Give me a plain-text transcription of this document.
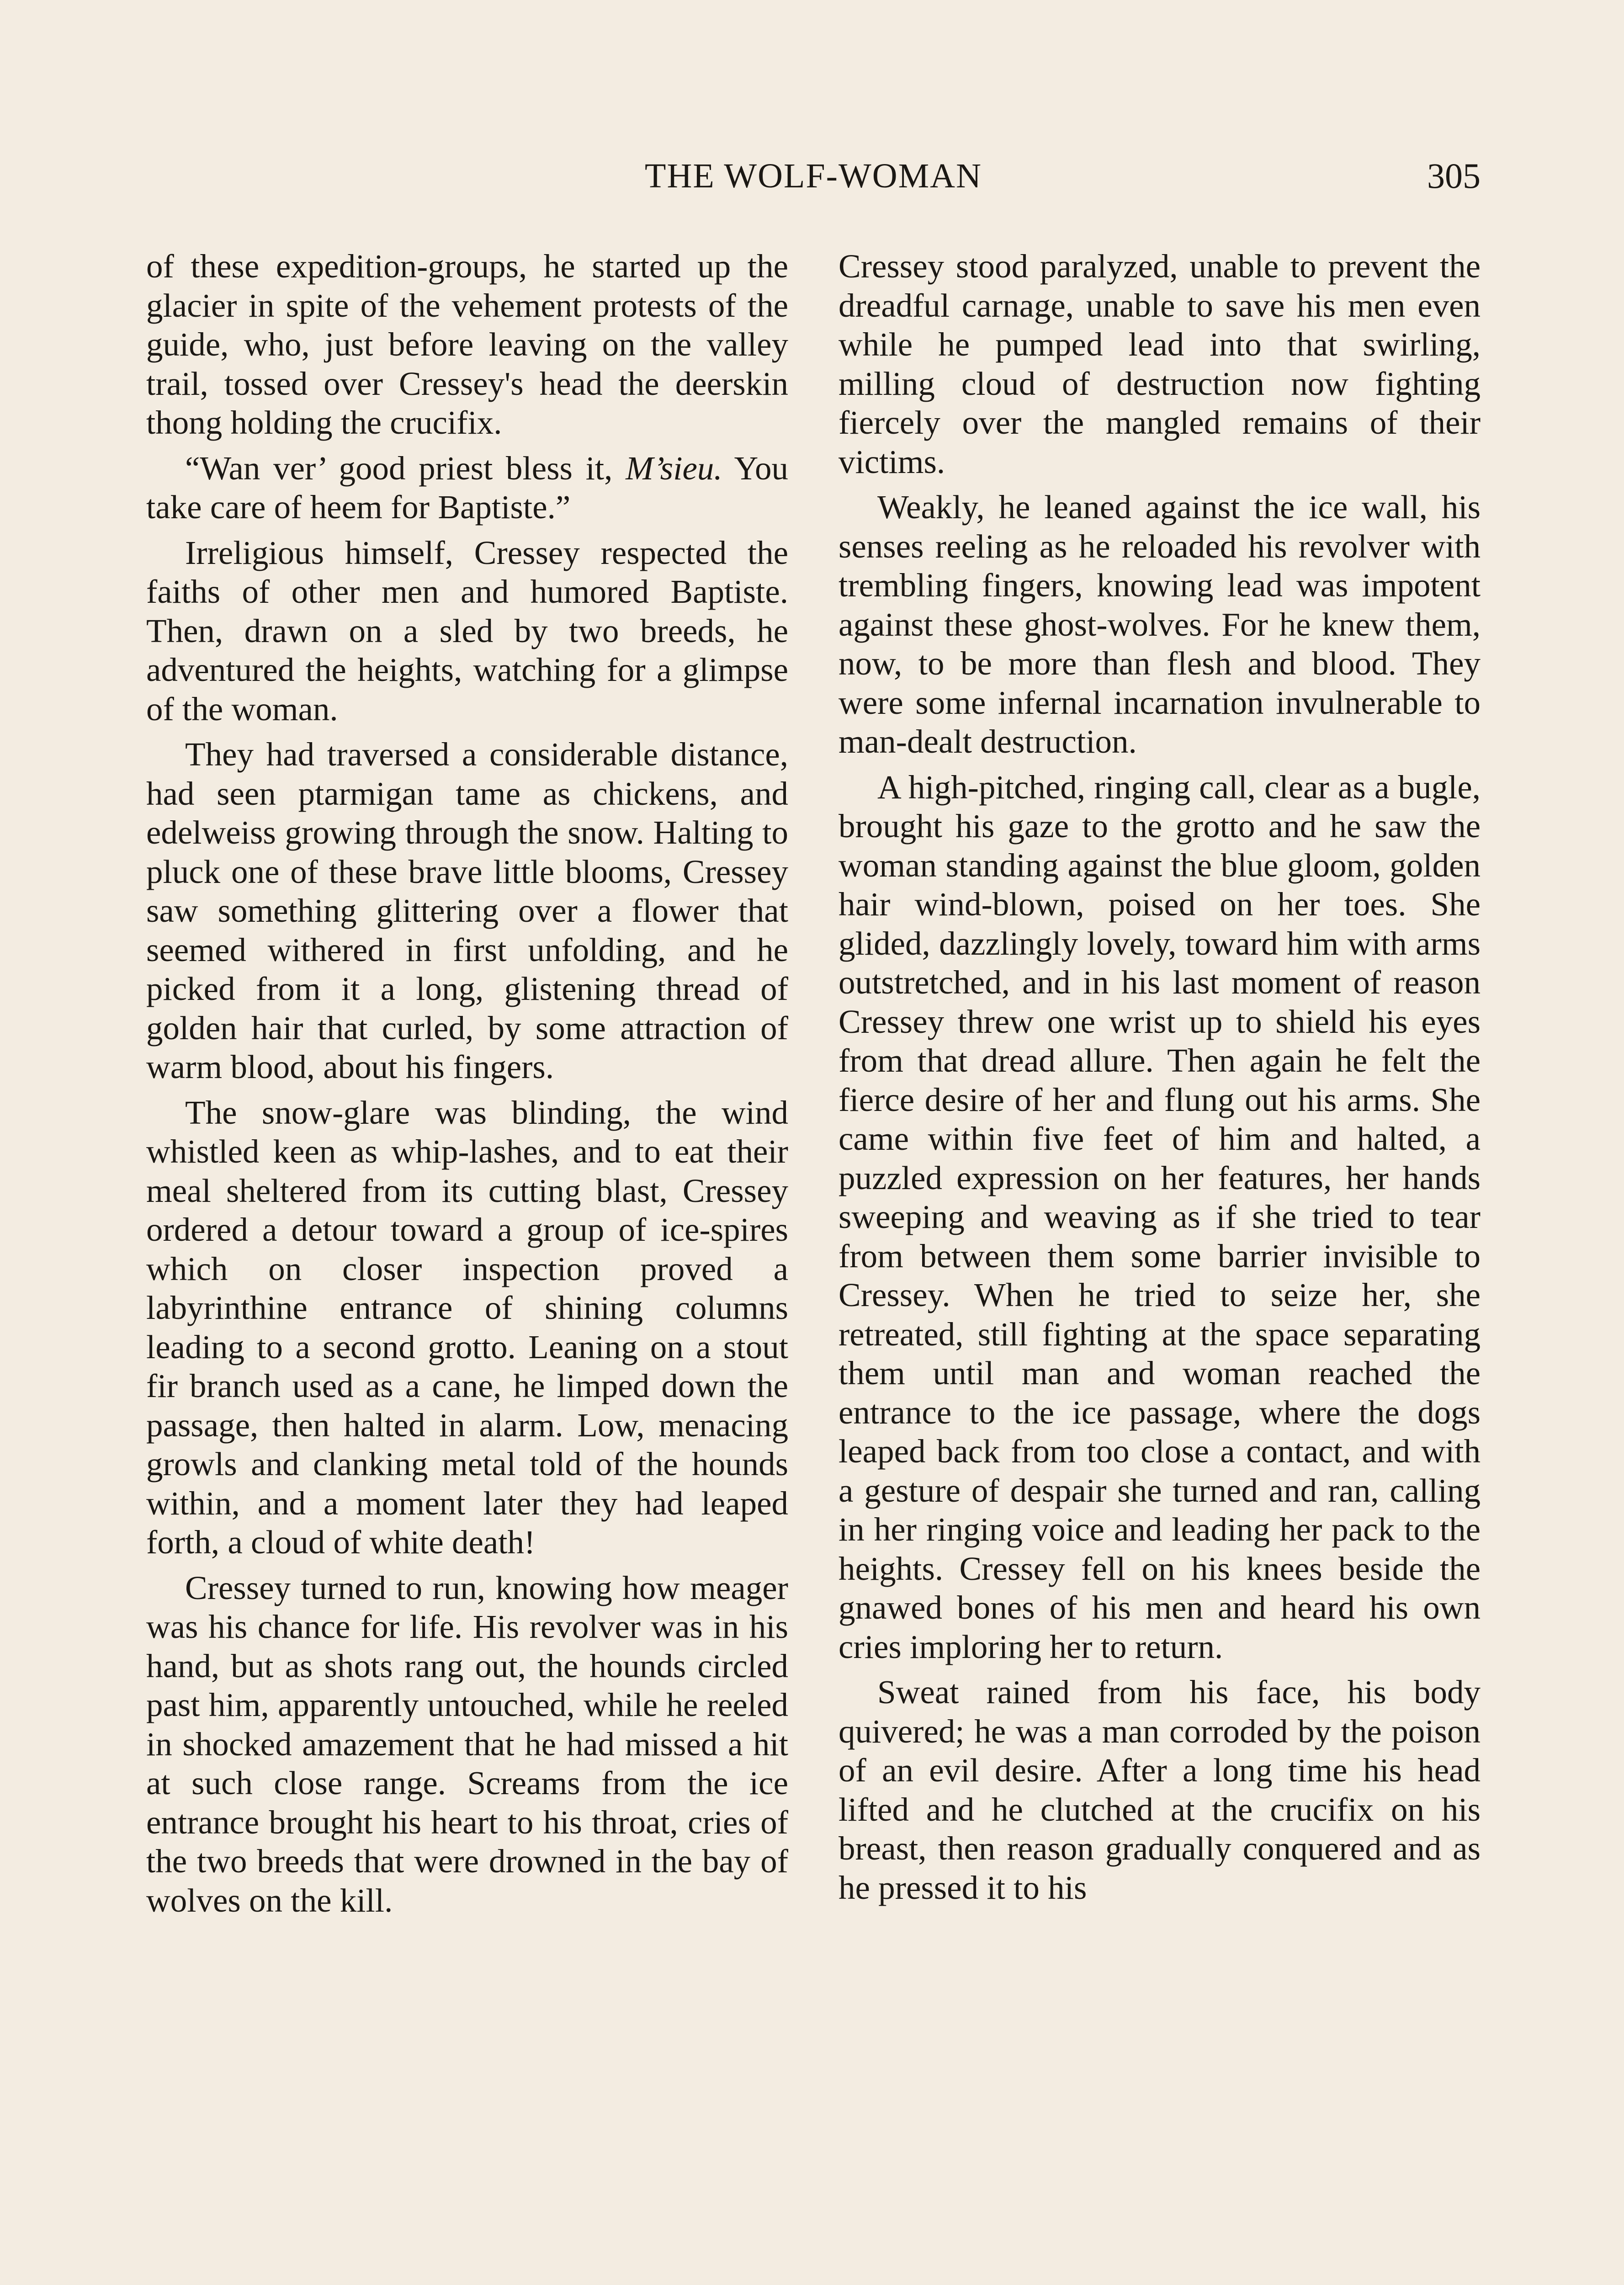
THE WOLF-WOMAN	305

of these expedition-groups, he started up the glacier in spite of the vehement protests of the guide, who, just before leaving on the valley trail, tossed over Cressey's head the deerskin thong holding the crucifix.

“Wan ver’ good priest bless it, M’sieu. You take care of heem for Baptiste.”

Irreligious himself, Cressey respected the faiths of other men and humored Baptiste. Then, drawn on a sled by two breeds, he adventured the heights, watching for a glimpse of the woman.

They had traversed a considerable distance, had seen ptarmigan tame as chickens, and edelweiss growing through the snow. Halting to pluck one of these brave little blooms, Cressey saw something glittering over a flower that seemed withered in first unfolding, and he picked from it a long, glistening thread of golden hair that curled, by some attraction of warm blood, about his fingers.

The snow-glare was blinding, the wind whistled keen as whip-lashes, and to eat their meal sheltered from its cutting blast, Cressey ordered a detour toward a group of ice-spires which on closer inspection proved a labyrinthine entrance of shining columns leading to a second grotto. Leaning on a stout fir branch used as a cane, he limped down the passage, then halted in alarm. Low, menacing growls and clanking metal told of the hounds within, and a moment later they had leaped forth, a cloud of white death!

Cressey turned to run, knowing how meager was his chance for life. His revolver was in his hand, but as shots rang out, the hounds circled past him, apparently untouched, while he reeled in shocked amazement that he had missed a hit at such close range. Screams from the ice entrance brought his heart to his throat, cries of the two breeds that were drowned in the bay of wolves on the kill.

Cressey stood paralyzed, unable to prevent the dreadful carnage, unable to save his men even while he pumped lead into that swirling, milling cloud of destruction now fighting fiercely over the mangled remains of their victims.

Weakly, he leaned against the ice wall, his senses reeling as he reloaded his revolver with trembling fingers, knowing lead was impotent against these ghost-wolves. For he knew them, now, to be more than flesh and blood. They were some infernal incarnation invulnerable to man-dealt destruction.

A high-pitched, ringing call, clear as a bugle, brought his gaze to the grotto and he saw the woman standing against the blue gloom, golden hair wind-blown, poised on her toes. She glided, dazzlingly lovely, toward him with arms outstretched, and in his last moment of reason Cressey threw one wrist up to shield his eyes from that dread allure. Then again he felt the fierce desire of her and flung out his arms. She came within five feet of him and halted, a puzzled expression on her features, her hands sweeping and weaving as if she tried to tear from between them some barrier invisible to Cressey. When he tried to seize her, she retreated, still fighting at the space separating them until man and woman reached the entrance to the ice passage, where the dogs leaped back from too close a contact, and with a gesture of despair she turned and ran, calling in her ringing voice and leading her pack to the heights. Cressey fell on his knees beside the gnawed bones of his men and heard his own cries imploring her to return.

Sweat rained from his face, his body quivered; he was a man corroded by the poison of an evil desire. After a long time his head lifted and he clutched at the crucifix on his breast, then reason gradually conquered and as he pressed it to his
